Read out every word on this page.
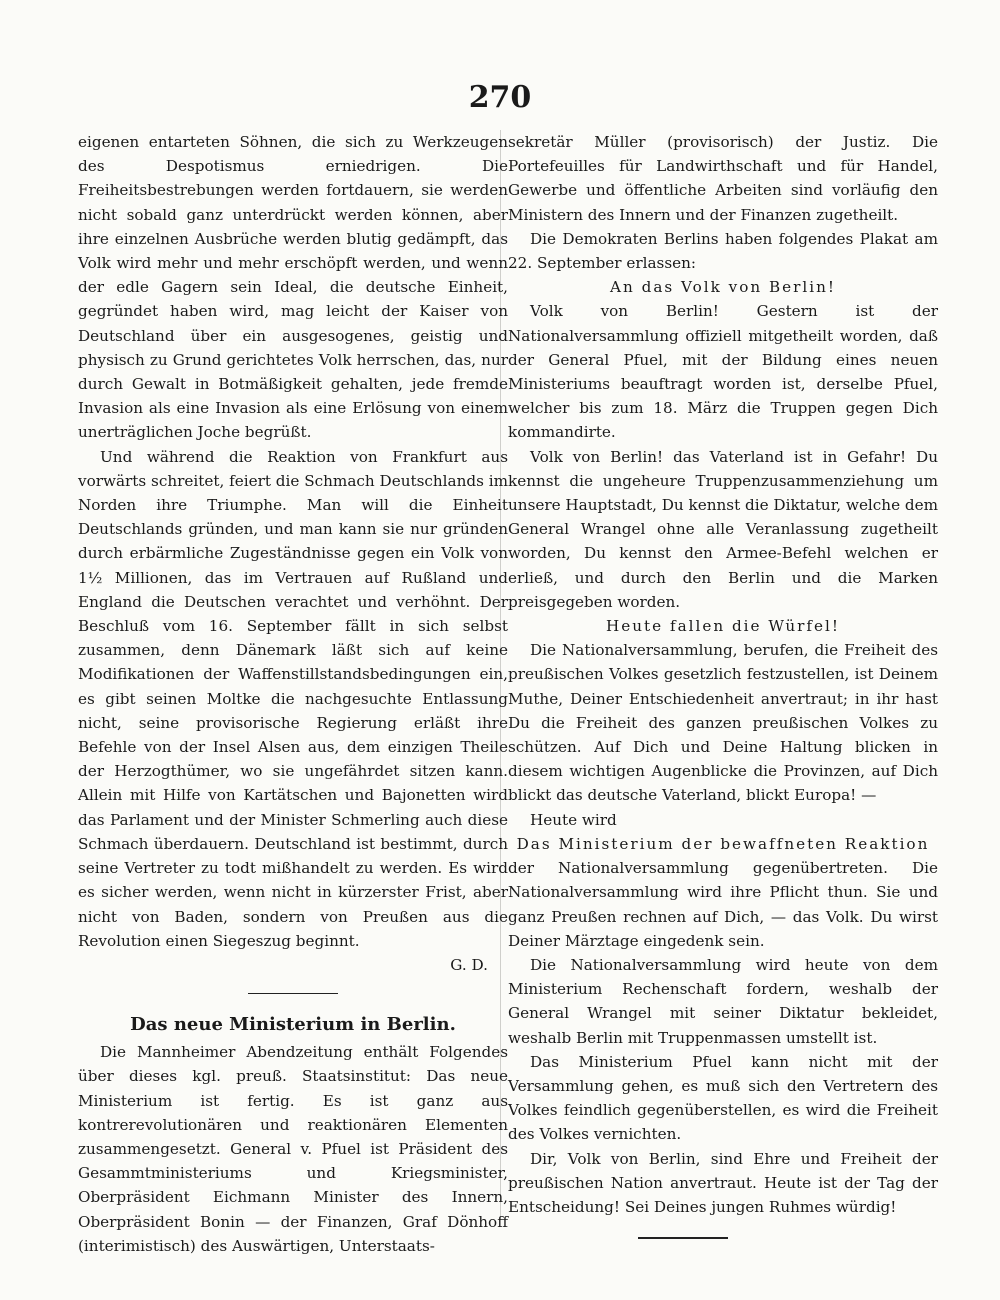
270

eigenen entarteten Söhnen, die sich zu Werkzeugen des Despotismus erniedrigen. Die Freiheitsbestrebungen werden fortdauern, sie werden nicht sobald ganz unterdrückt werden können, aber ihre einzelnen Ausbrüche werden blutig gedämpft, das Volk wird mehr und mehr erschöpft werden, und wenn der edle Gagern sein Ideal, die deutsche Einheit, gegründet haben wird, mag leicht der Kaiser von Deutschland über ein ausgesogenes, geistig und physisch zu Grund gerichtetes Volk herrschen, das, nur durch Gewalt in Botmäßigkeit gehalten, jede fremde Invasion als eine Invasion als eine Erlösung von einem unerträglichen Joche begrüßt.

Und während die Reaktion von Frankfurt aus vorwärts schreitet, feiert die Schmach Deutschlands im Norden ihre Triumphe. Man will die Einheit Deutschlands gründen, und man kann sie nur gründen durch erbärmliche Zugeständnisse gegen ein Volk von 1½ Millionen, das im Vertrauen auf Rußland und England die Deutschen verachtet und verhöhnt. Der Beschluß vom 16. September fällt in sich selbst zusammen, denn Dänemark läßt sich auf keine Modifikationen der Waffenstillstandsbedingungen ein, es gibt seinen Moltke die nachgesuchte Entlassung nicht, seine provisorische Regierung erläßt ihre Befehle von der Insel Alsen aus, dem einzigen Theile der Herzogthümer, wo sie ungefährdet sitzen kann. Allein mit Hilfe von Kartätschen und Bajonetten wird das Parlament und der Minister Schmerling auch diese Schmach überdauern. Deutschland ist bestimmt, durch seine Vertreter zu todt mißhandelt zu werden. Es wird es sicher werden, wenn nicht in kürzerster Frist, aber nicht von Baden, sondern von Preußen aus die Revolution einen Siegeszug beginnt.

G. D.

Das neue Ministerium in Berlin.

Die Mannheimer Abendzeitung enthält Folgendes über dieses kgl. preuß. Staatsinstitut: Das neue Ministerium ist fertig. Es ist ganz aus kontrerevolutionären und reaktionären Elementen zusammengesetzt. General v. Pfuel ist Präsident des Gesammtministeriums und Kriegsminister, Oberpräsident Eichmann Minister des Innern, Oberpräsident Bonin — der Finanzen, Graf Dönhoff (interimistisch) des Auswärtigen, Unterstaats-

sekretär Müller (provisorisch) der Justiz. Die Portefeuilles für Landwirthschaft und für Handel, Gewerbe und öffentliche Arbeiten sind vorläufig den Ministern des Innern und der Finanzen zugetheilt.

Die Demokraten Berlins haben folgendes Plakat am 22. September erlassen:

An das Volk von Berlin!

Volk von Berlin! Gestern ist der Nationalversammlung offiziell mitgetheilt worden, daß der General Pfuel, mit der Bildung eines neuen Ministeriums beauftragt worden ist, derselbe Pfuel, welcher bis zum 18. März die Truppen gegen Dich kommandirte.

Volk von Berlin! das Vaterland ist in Gefahr! Du kennst die ungeheure Truppenzusammenziehung um unsere Hauptstadt, Du kennst die Diktatur, welche dem General Wrangel ohne alle Veranlassung zugetheilt worden, Du kennst den Armee-Befehl welchen er erließ, und durch den Berlin und die Marken preisgegeben worden.

Heute fallen die Würfel!

Die Nationalversammlung, berufen, die Freiheit des preußischen Volkes gesetzlich festzustellen, ist Deinem Muthe, Deiner Entschiedenheit anvertraut; in ihr hast Du die Freiheit des ganzen preußischen Volkes zu schützen. Auf Dich und Deine Haltung blicken in diesem wichtigen Augenblicke die Provinzen, auf Dich blickt das deutsche Vaterland, blickt Europa! —

Heute wird

Das Ministerium der bewaffneten Reaktion

der Nationalversammlung gegenübertreten. Die Nationalversammlung wird ihre Pflicht thun. Sie und ganz Preußen rechnen auf Dich, — das Volk. Du wirst Deiner Märztage eingedenk sein.

Die Nationalversammlung wird heute von dem Ministerium Rechenschaft fordern, weshalb der General Wrangel mit seiner Diktatur bekleidet, weshalb Berlin mit Truppenmassen umstellt ist.

Das Ministerium Pfuel kann nicht mit der Versammlung gehen, es muß sich den Vertretern des Volkes feindlich gegenüberstellen, es wird die Freiheit des Volkes vernichten.

Dir, Volk von Berlin, sind Ehre und Freiheit der preußischen Nation anvertraut. Heute ist der Tag der Entscheidung! Sei Deines jungen Ruhmes würdig!
